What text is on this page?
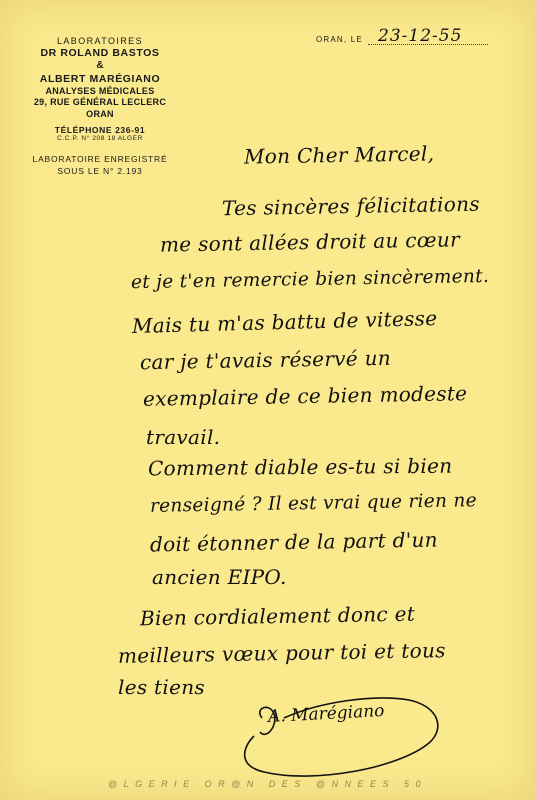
LABORATOIRES

DR ROLAND BASTOS

&

ALBERT MARÉGIANO

ANALYSES MÉDICALES

29, RUE GÉNÉRAL LECLERC

ORAN

TÉLÉPHONE 236-91

C.C.P. N° 208 18 ALGER

LABORATOIRE ENREGISTRÉ

SOUS LE N° 2.193

ORAN, LE 23-12-55
Mon Cher Marcel,
Tes sincères félicitations
me sont allées droit au cœur
et je t'en remercie bien sincèrement.
Mais tu m'as battu de vitesse
car je t'avais réservé un
exemplaire de ce bien modeste
travail.
Comment diable es-tu si bien
renseigné ? Il est vrai que rien ne
doit étonner de la part d'un
ancien EIPO.
Bien cordialement donc et
meilleurs vœux pour toi et tous
les tiens
A. Marégiano
@LGERIE OR@N DES @NNEES 50
